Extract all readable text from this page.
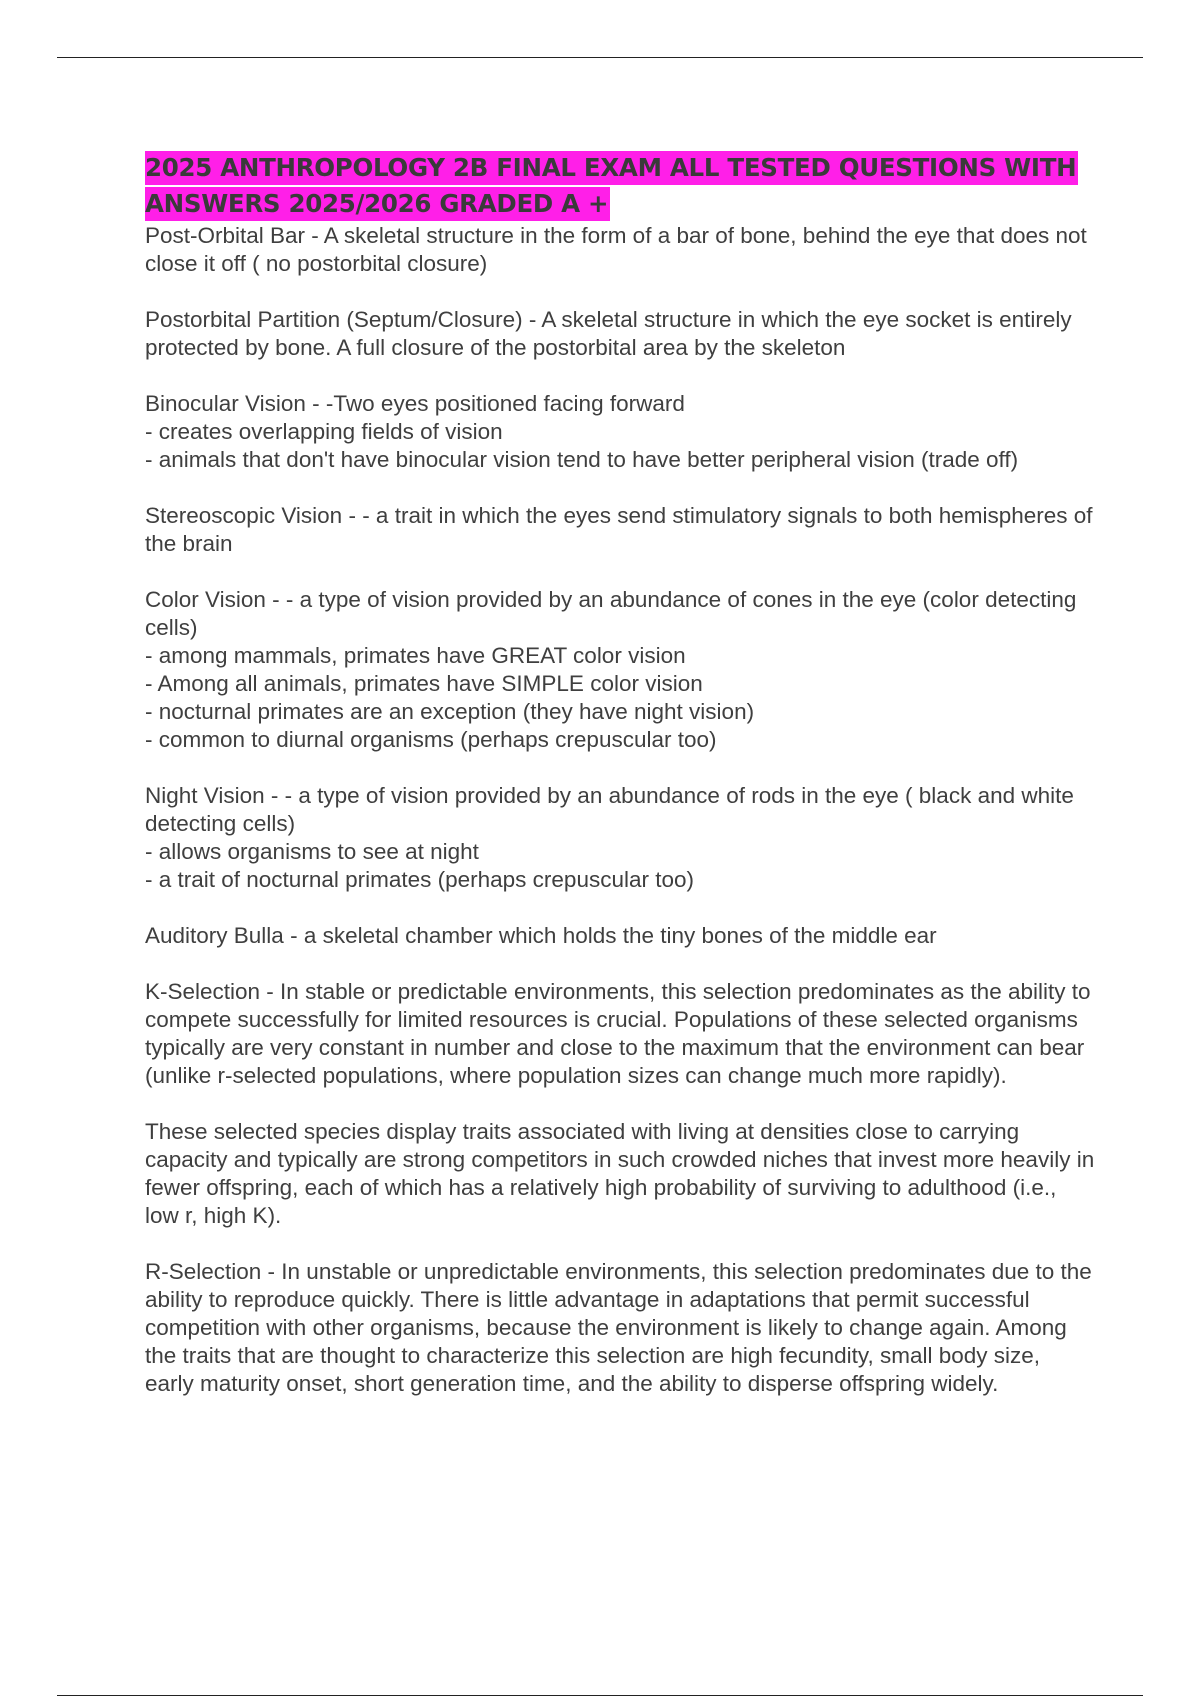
2025 ANTHROPOLOGY 2B FINAL EXAM ALL TESTED QUESTIONS WITH ANSWERS 2025/2026 GRADED A +

Post-Orbital Bar - A skeletal structure in the form of a bar of bone, behind the eye that does not close it off ( no postorbital closure)

Postorbital Partition (Septum/Closure) - A skeletal structure in which the eye socket is entirely protected by bone. A full closure of the postorbital area by the skeleton

Binocular Vision - -Two eyes positioned facing forward
- creates overlapping fields of vision
- animals that don't have binocular vision tend to have better peripheral vision (trade off)

Stereoscopic Vision - - a trait in which the eyes send stimulatory signals to both hemispheres of the brain

Color Vision - - a type of vision provided by an abundance of cones in the eye (color detecting cells)
- among mammals, primates have GREAT color vision
- Among all animals, primates have SIMPLE color vision
- nocturnal primates are an exception (they have night vision)
- common to diurnal organisms (perhaps crepuscular too)

Night Vision - - a type of vision provided by an abundance of rods in the eye ( black and white detecting cells)
- allows organisms to see at night
- a trait of nocturnal primates (perhaps crepuscular too)

Auditory Bulla - a skeletal chamber which holds the tiny bones of the middle ear

K-Selection - In stable or predictable environments, this selection predominates as the ability to compete successfully for limited resources is crucial. Populations of these selected organisms typically are very constant in number and close to the maximum that the environment can bear (unlike r-selected populations, where population sizes can change much more rapidly).

These selected species display traits associated with living at densities close to carrying capacity and typically are strong competitors in such crowded niches that invest more heavily in fewer offspring, each of which has a relatively high probability of surviving to adulthood (i.e., low r, high K).

R-Selection - In unstable or unpredictable environments, this selection predominates due to the ability to reproduce quickly. There is little advantage in adaptations that permit successful competition with other organisms, because the environment is likely to change again. Among the traits that are thought to characterize this selection are high fecundity, small body size, early maturity onset, short generation time, and the ability to disperse offspring widely.
